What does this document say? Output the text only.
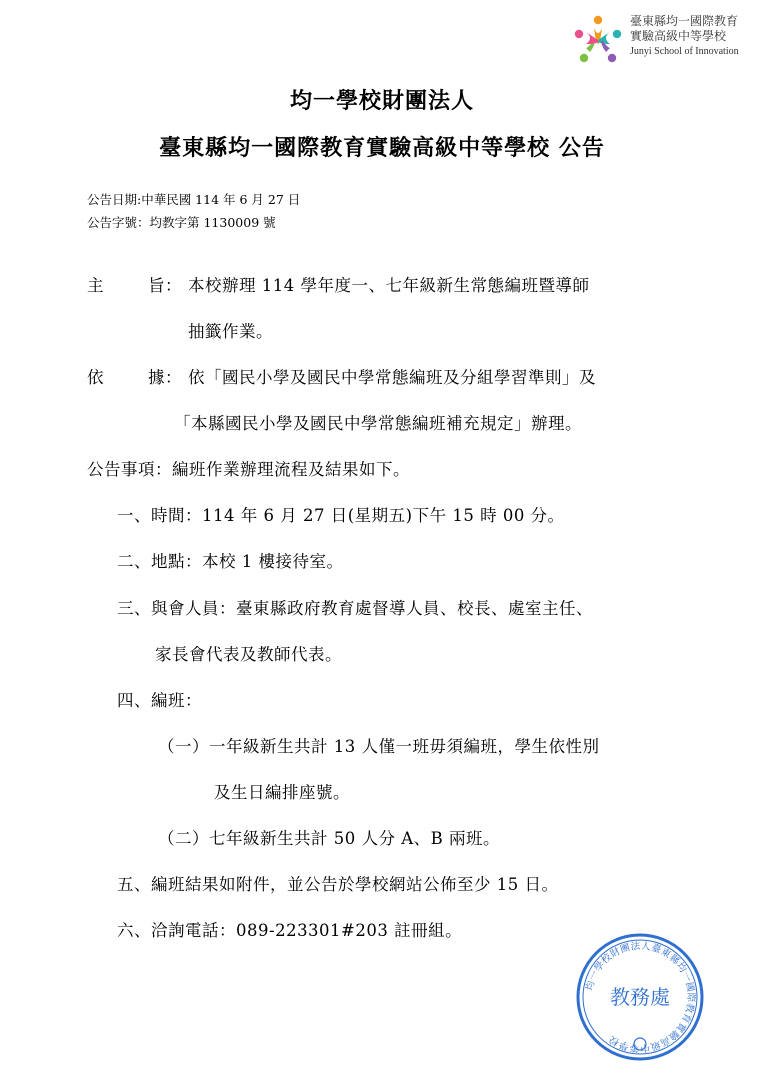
臺東縣均一國際教育
實驗高級中等學校
Junyi School of Innovation
均一學校財團法人
臺東縣均一國際教育實驗高級中等學校 公告
公告日期:中華民國 114 年 6 月 27 日
公告字號：均教字第 1130009 號
主	旨： 本校辦理 114 學年度一、七年級新生常態編班暨導師
抽籤作業。
依	據： 依「國民小學及國民中學常態編班及分組學習準則」及
「本縣國民小學及國民中學常態編班補充規定」辦理。
公告事項：編班作業辦理流程及結果如下。
一、時間：114 年 6 月 27 日(星期五)下午 15 時 00 分。
二、地點：本校 1 樓接待室。
三、與會人員：臺東縣政府教育處督導人員、校長、處室主任、
家長會代表及教師代表。
四、編班：
（一）一年級新生共計 13 人僅一班毋須編班，學生依性別
及生日編排座號。
（二）七年級新生共計 50 人分 A、B 兩班。
五、編班結果如附件，並公告於學校網站公佈至少 15 日。
六、洽詢電話：089-223301#203 註冊組。
均一學校財團法人臺東縣均一國際教育實驗高級中等學校
教務處
